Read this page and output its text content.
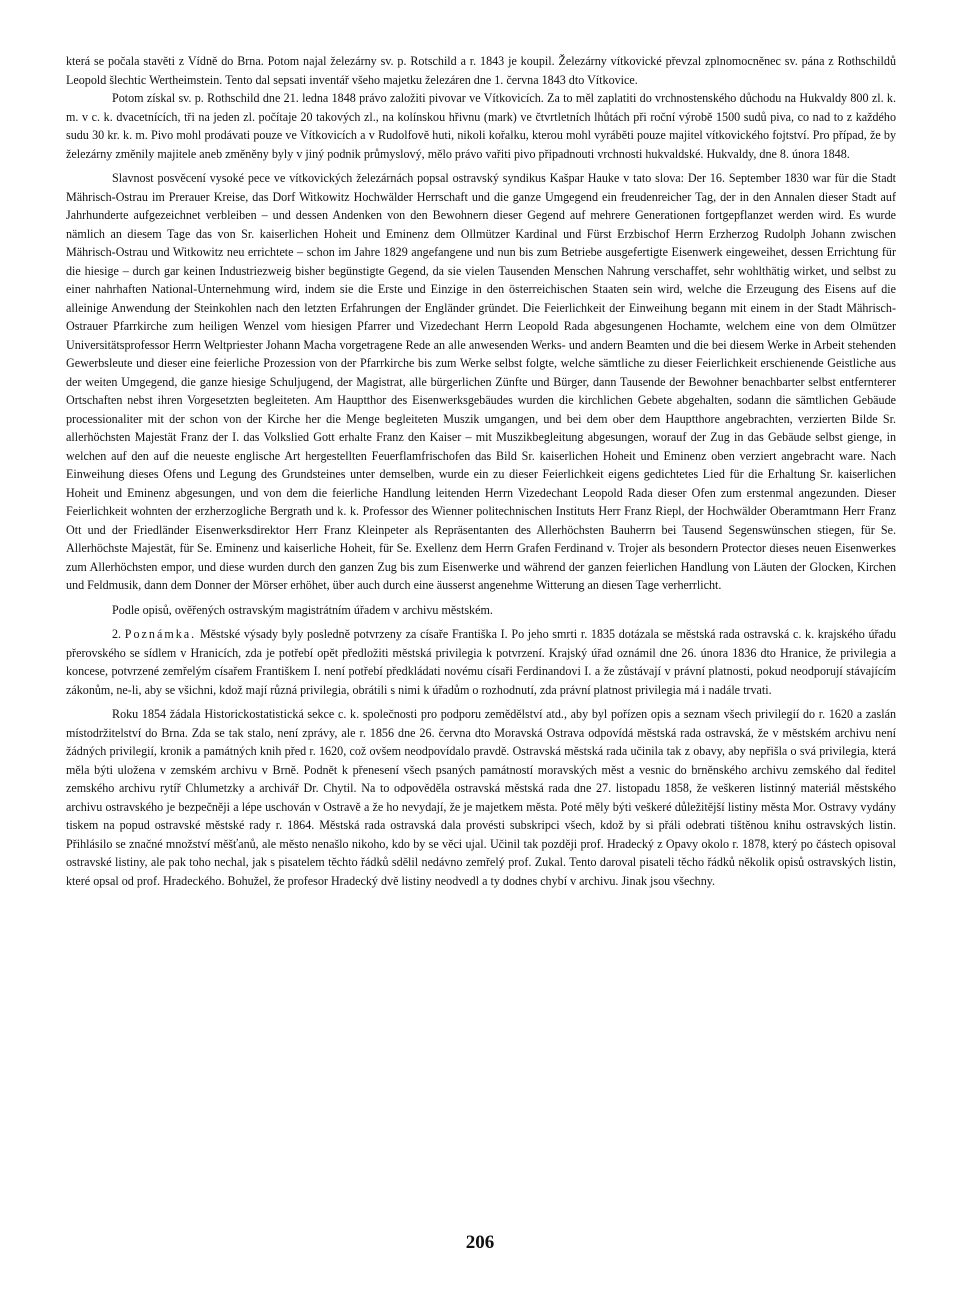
která se počala stavěti z Vídně do Brna. Potom najal železárny sv. p. Rotschild a r. 1843 je koupil. Železárny vítkovické převzal zplnomocněnec sv. pána z Rothschildů Leopold šlechtic Wertheimstein. Tento dal sepsati inventář všeho majetku železáren dne 1. června 1843 dto Vítkovice.

Potom získal sv. p. Rothschild dne 21. ledna 1848 právo založiti pivovar ve Vítkovicích. Za to měl zaplatiti do vrchnostenského důchodu na Hukvaldy 800 zl. k. m. v c. k. dvacetnících, tři na jeden zl. počítaje 20 takových zl., na kolínskou hřivnu (mark) ve čtvrtletních lhůtách při roční výrobě 1500 sudů piva, co nad to z každého sudu 30 kr. k. m. Pivo mohl prodávati pouze ve Vítkovicích a v Rudolfově huti, nikoli kořalku, kterou mohl vyráběti pouze majitel vítkovického fojtství. Pro případ, že by železárny změnily majitele aneb změněny byly v jiný podnik průmyslový, mělo právo vařiti pivo připadnouti vrchnosti hukvaldské. Hukvaldy, dne 8. února 1848.

Slavnost posvěcení vysoké pece ve vítkovických železárnách popsal ostravský syndikus Kašpar Hauke v tato slova: Der 16. September 1830 war für die Stadt Mährisch-Ostrau im Prerauer Kreise, das Dorf Witkowitz Hochwälder Herrschaft und die ganze Umgegend ein freudenreicher Tag, der in den Annalen dieser Stadt auf Jahrhunderte aufgezeichnet verbleiben – und dessen Andenken von den Bewohnern dieser Gegend auf mehrere Generationen fortgepflanzet werden wird. Es wurde nämlich an diesem Tage das von Sr. kaiserlichen Hoheit und Eminenz dem Ollmützer Kardinal und Fürst Erzbischof Herrn Erzherzog Rudolph Johann zwischen Mährisch-Ostrau und Witkowitz neu errichtete – schon im Jahre 1829 angefangene und nun bis zum Betriebe ausgefertigte Eisenwerk eingeweihet, dessen Errichtung für die hiesige – durch gar keinen Industriezweig bisher begünstigte Gegend, da sie vielen Tausenden Menschen Nahrung verschaffet, sehr wohlthätig wirket, und selbst zu einer nahrhaften National-Unternehmung wird, indem sie die Erste und Einzige in den österreichischen Staaten sein wird, welche die Erzeugung des Eisens auf die alleinige Anwendung der Steinkohlen nach den letzten Erfahrungen der Engländer gründet. Die Feierlichkeit der Einweihung begann mit einem in der Stadt Mährisch-Ostrauer Pfarrkirche zum heiligen Wenzel vom hiesigen Pfarrer und Vizedechant Herrn Leopold Rada abgesungenen Hochamte, welchem eine von dem Olmützer Universitätsprofessor Herrn Weltpriester Johann Macha vorgetragene Rede an alle anwesenden Werks- und andern Beamten und die bei diesem Werke in Arbeit stehenden Gewerbsleute und dieser eine feierliche Prozession von der Pfarrkirche bis zum Werke selbst folgte, welche sämtliche zu dieser Feierlichkeit erschienende Geistliche aus der weiten Umgegend, die ganze hiesige Schuljugend, der Magistrat, alle bürgerlichen Zünfte und Bürger, dann Tausende der Bewohner benachbarter selbst entfernterer Ortschaften nebst ihren Vorgesetzten begleiteten. Am Hauptthor des Eisenwerksgebäudes wurden die kirchlichen Gebete abgehalten, sodann die sämtlichen Gebäude processionaliter mit der schon von der Kirche her die Menge begleiteten Muszik umgangen, und bei dem ober dem Hauptthore angebrachten, verzierten Bilde Sr. allerhöchsten Majestät Franz der I. das Volkslied Gott erhalte Franz den Kaiser – mit Muszikbegleitung abgesungen, worauf der Zug in das Gebäude selbst gienge, in welchen auf den auf die neueste englische Art hergestellten Feuerflamfrischofen das Bild Sr. kaiserlichen Hoheit und Eminenz oben verziert angebracht ware. Nach Einweihung dieses Ofens und Legung des Grundsteines unter demselben, wurde ein zu dieser Feierlichkeit eigens gedichtetes Lied für die Erhaltung Sr. kaiserlichen Hoheit und Eminenz abgesungen, und von dem die feierliche Handlung leitenden Herrn Vizedechant Leopold Rada dieser Ofen zum erstenmal angezunden. Dieser Feierlichkeit wohnten der erzherzogliche Bergrath und k. k. Professor des Wienner politechnischen Instituts Herr Franz Riepl, der Hochwälder Oberamtmann Herr Franz Ott und der Friedländer Eisenwerksdirektor Herr Franz Kleinpeter als Repräsentanten des Allerhöchsten Bauherrn bei Tausend Segenswünschen stiegen, für Se. Allerhöchste Majestät, für Se. Eminenz und kaiserliche Hoheit, für Se. Exellenz dem Herrn Grafen Ferdinand v. Trojer als besondern Protector dieses neuen Eisenwerkes zum Allerhöchsten empor, und diese wurden durch den ganzen Zug bis zum Eisenwerke und während der ganzen feierlichen Handlung von Läuten der Glocken, Kirchen und Feldmusik, dann dem Donner der Mörser erhöhet, über auch durch eine äusserst angenehme Witterung an diesen Tage verherrlicht.

Podle opisů, ověřených ostravským magistrátním úřadem v archivu městském.

2. Poznámka. Městské výsady byly posledně potvrzeny za císaře Františka I. Po jeho smrti r. 1835 dotázala se městská rada ostravská c. k. krajského úřadu přerovského se sídlem v Hranicích, zda je potřebí opět předložiti městská privilegia k potvrzení. Krajský úřad oznámil dne 26. února 1836 dto Hranice, že privilegia a koncese, potvrzené zemřelým císařem Františkem I. není potřebí předkládati novému císaři Ferdinandovi I. a že zůstávají v právní platnosti, pokud neodporují stávajícím zákonům, ne-li, aby se všichni, kdož mají různá privilegia, obrátili s nimi k úřadům o rozhodnutí, zda právní platnost privilegia má i nadále trvati.

Roku 1854 žádala Historickostatistická sekce c. k. společnosti pro podporu zemědělství atd., aby byl pořízen opis a seznam všech privilegií do r. 1620 a zaslán místodržitelství do Brna. Zda se tak stalo, není zprávy, ale r. 1856 dne 26. června dto Moravská Ostrava odpovídá městská rada ostravská, že v městském archivu není žádných privilegií, kronik a památných knih před r. 1620, což ovšem neodpovídalo pravdě. Ostravská městská rada učinila tak z obavy, aby nepřišla o svá privilegia, která měla býti uložena v zemském archivu v Brně. Podnět k přenesení všech psaných památností moravských měst a vesnic do brněnského archivu zemského dal ředitel zemského archivu rytíř Chlumetzky a archivář Dr. Chytil. Na to odpověděla ostravská městská rada dne 27. listopadu 1858, že veškeren listinný materiál městského archivu ostravského je bezpečněji a lépe uschován v Ostravě a že ho nevydají, že je majetkem města. Poté měly býti veškeré důležitější listiny města Mor. Ostravy vydány tiskem na popud ostravské městské rady r. 1864. Městská rada ostravská dala provésti subskripci všech, kdož by si přáli odebrati tištěnou knihu ostravských listin. Přihlásilo se značné množství měšťanů, ale město nenašlo nikoho, kdo by se věci ujal. Učinil tak později prof. Hradecký z Opavy okolo r. 1878, který po částech opisoval ostravské listiny, ale pak toho nechal, jak s pisatelem těchto řádků sdělil nedávno zemřelý prof. Zukal. Tento daroval pisateli těcho řádků několik opisů ostravských listin, které opsal od prof. Hradeckého. Bohužel, že profesor Hradecký dvě listiny neodvedl a ty dodnes chybí v archivu. Jinak jsou všechny.

206
